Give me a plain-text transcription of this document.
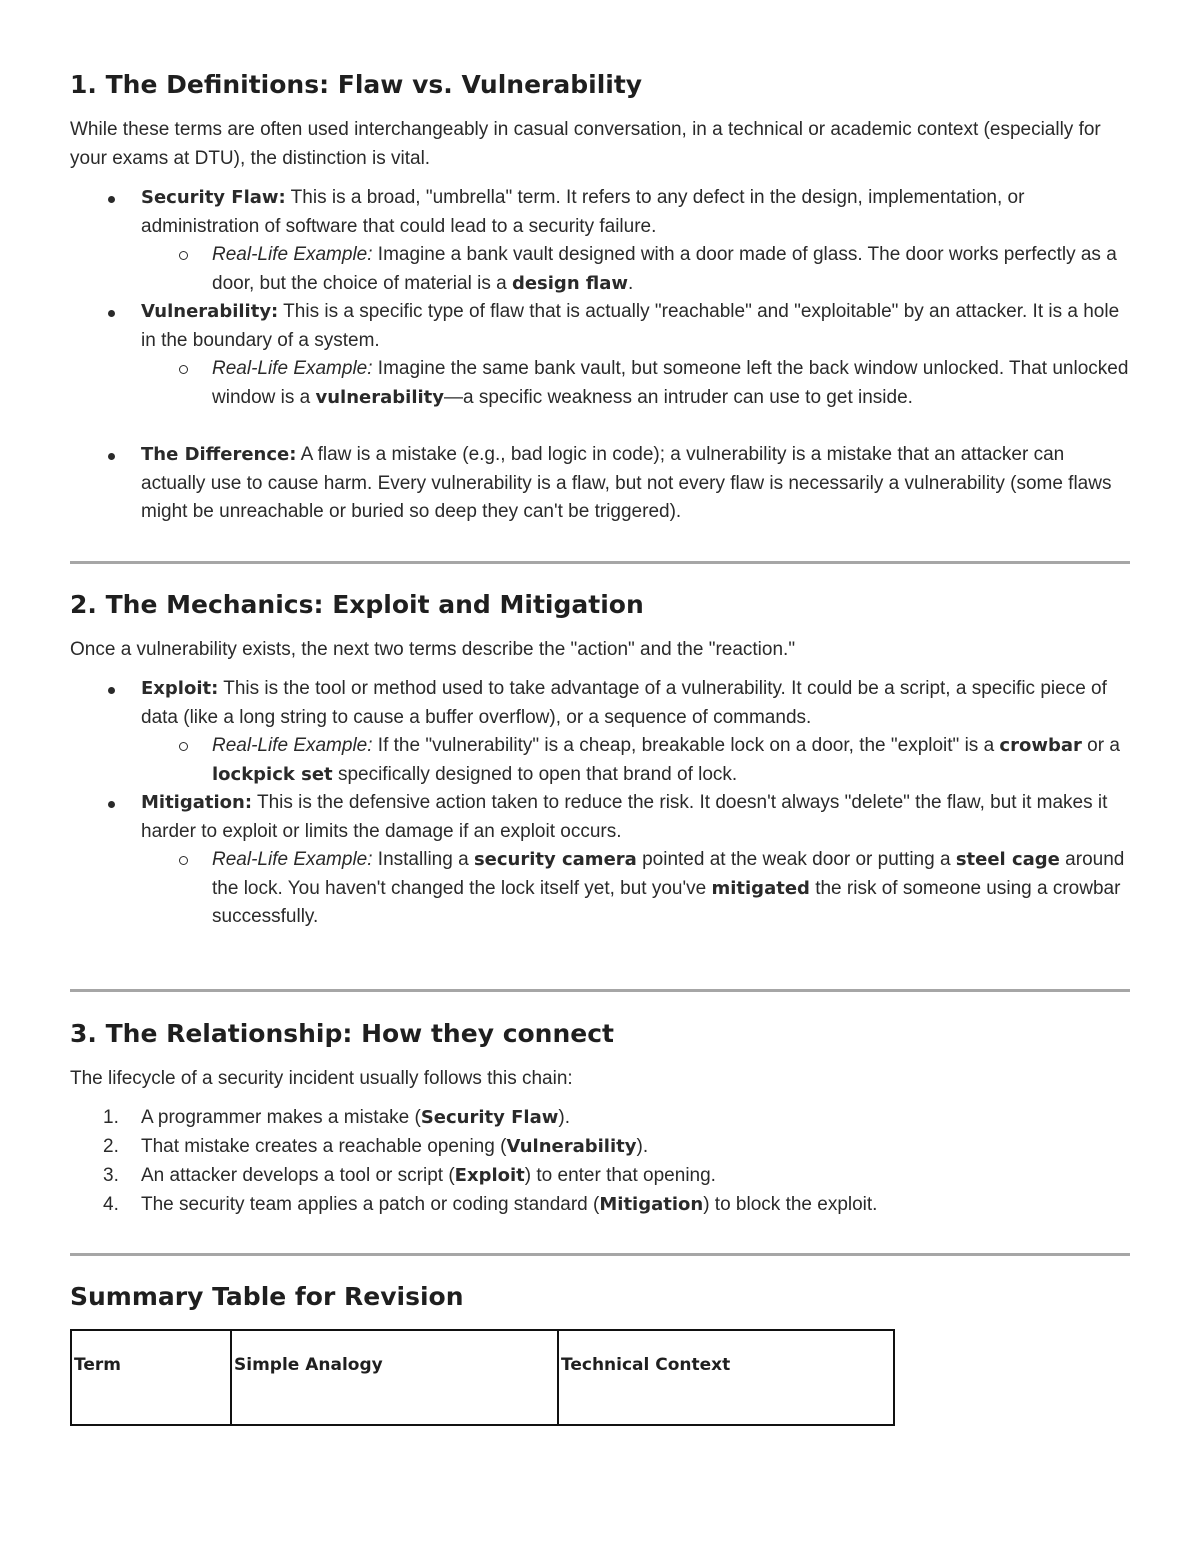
1. The Definitions: Flaw vs. Vulnerability

While these terms are often used interchangeably in casual conversation, in a technical or academic context (especially for your exams at DTU), the distinction is vital.

Security Flaw: This is a broad, "umbrella" term. It refers to any defect in the design, implementation, or administration of software that could lead to a security failure.
Real-Life Example: Imagine a bank vault designed with a door made of glass. The door works perfectly as a door, but the choice of material is a design flaw.
Vulnerability: This is a specific type of flaw that is actually "reachable" and "exploitable" by an attacker. It is a hole in the boundary of a system.
Real-Life Example: Imagine the same bank vault, but someone left the back window unlocked. That unlocked window is a vulnerability—a specific weakness an intruder can use to get inside.
The Difference: A flaw is a mistake (e.g., bad logic in code); a vulnerability is a mistake that an attacker can actually use to cause harm. Every vulnerability is a flaw, but not every flaw is necessarily a vulnerability (some flaws might be unreachable or buried so deep they can't be triggered).
2. The Mechanics: Exploit and Mitigation

Once a vulnerability exists, the next two terms describe the "action" and the "reaction."

Exploit: This is the tool or method used to take advantage of a vulnerability. It could be a script, a specific piece of data (like a long string to cause a buffer overflow), or a sequence of commands.
Real-Life Example: If the "vulnerability" is a cheap, breakable lock on a door, the "exploit" is a crowbar or a lockpick set specifically designed to open that brand of lock.
Mitigation: This is the defensive action taken to reduce the risk. It doesn't always "delete" the flaw, but it makes it harder to exploit or limits the damage if an exploit occurs.
Real-Life Example: Installing a security camera pointed at the weak door or putting a steel cage around the lock. You haven't changed the lock itself yet, but you've mitigated the risk of someone using a crowbar successfully.
3. The Relationship: How they connect

The lifecycle of a security incident usually follows this chain:

1.	A programmer makes a mistake (Security Flaw).
2.	That mistake creates a reachable opening (Vulnerability).
3.	An attacker develops a tool or script (Exploit) to enter that opening.
4.	The security team applies a patch or coding standard (Mitigation) to block the exploit.
Summary Table for Revision
Term	Simple Analogy	Technical Context
